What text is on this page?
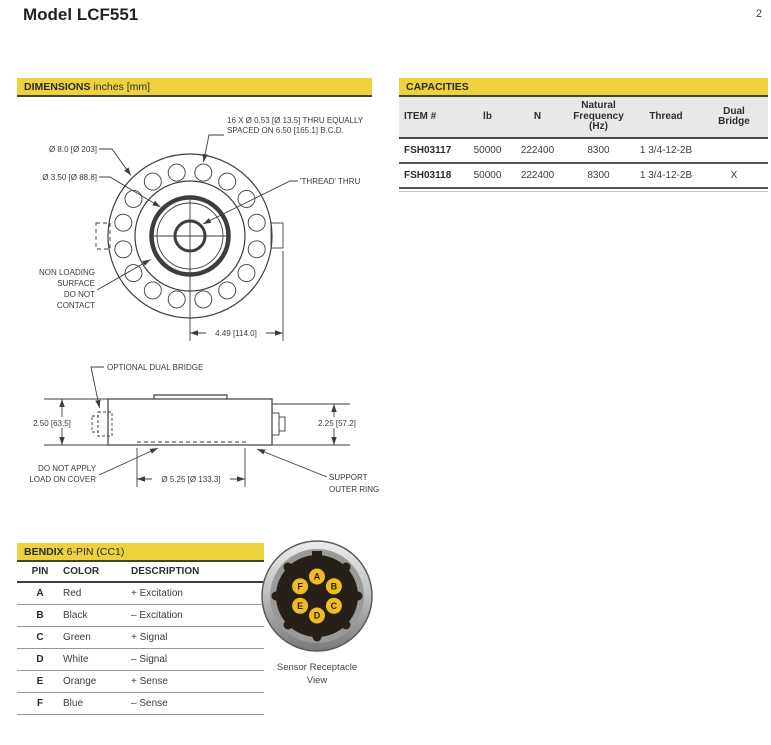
Model LCF551	2
DIMENSIONS inches [mm]
4.49 [114.0]
16 X Ø 0.53 [Ø 13.5] THRU EQUALLY
SPACED ON 6.50 [165.1] B.C.D.
Ø 8.0 [Ø 203]
Ø 3.50 [Ø 88.8]
NON LOADING
SURFACE
DO NOT
CONTACT
'THREAD' THRU
2.50 [63.5]	2.25 [57.2]
Ø 5.25 [Ø 133.3]
OPTIONAL DUAL BRIDGE
DO NOT APPLY
LOAD ON COVER	SUPPORT
OUTER RING
CAPACITIES
ITEM #	lb	N
Natural
Frequency
(Hz)
Thread	Dual
Bridge
FSH03117	50000	222400	8300	1 3/4-12-2B
FSH03118	50000	222400	8300	1 3/4-12-2B	X
BENDIX 6-PIN (CC1)
PIN	COLOR	DESCRIPTION
A	Red	+ Excitation
B	Black	– Excitation
C	Green	+ Signal
D	White	– Signal
E	Orange	+ Sense
F	Blue	– Sense
A
B
C
D
E
F
Sensor Receptacle
View
